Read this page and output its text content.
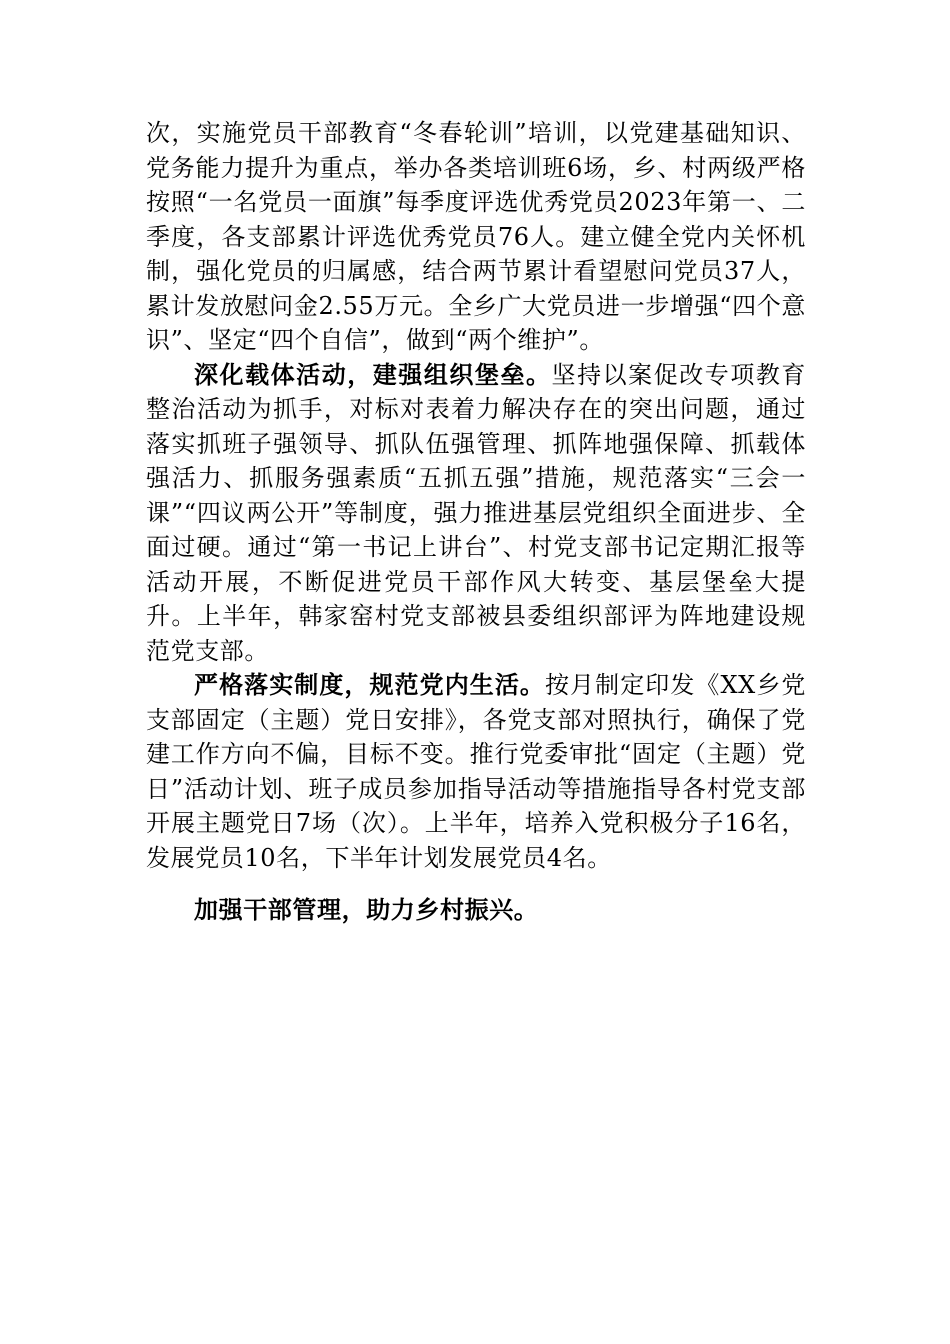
次，实施党员干部教育“冬春轮训”培训，以党建基础知识、党务能力提升为重点，举办各类培训班6场，乡、村两级严格按照“一名党员一面旗”每季度评选优秀党员2023年第一、二季度，各支部累计评选优秀党员76人。建立健全党内关怀机制，强化党员的归属感，结合两节累计看望慰问党员37人，累计发放慰问金2.55万元。全乡广大党员进一步增强“四个意识”、坚定“四个自信”，做到“两个维护”。

深化载体活动，建强组织堡垒。坚持以案促改专项教育整治活动为抓手，对标对表着力解决存在的突出问题，通过落实抓班子强领导、抓队伍强管理、抓阵地强保障、抓载体强活力、抓服务强素质“五抓五强”措施，规范落实“三会一课”“四议两公开”等制度，强力推进基层党组织全面进步、全面过硬。通过“第一书记上讲台”、村党支部书记定期汇报等活动开展，不断促进党员干部作风大转变、基层堡垒大提升。上半年，韩家窑村党支部被县委组织部评为阵地建设规范党支部。

严格落实制度，规范党内生活。按月制定印发《XX乡党支部固定（主题）党日安排》，各党支部对照执行，确保了党建工作方向不偏，目标不变。推行党委审批“固定（主题）党日”活动计划、班子成员参加指导活动等措施指导各村党支部开展主题党日7场（次）。上半年，培养入党积极分子16名，发展党员10名，下半年计划发展党员4名。

加强干部管理，助力乡村振兴。
